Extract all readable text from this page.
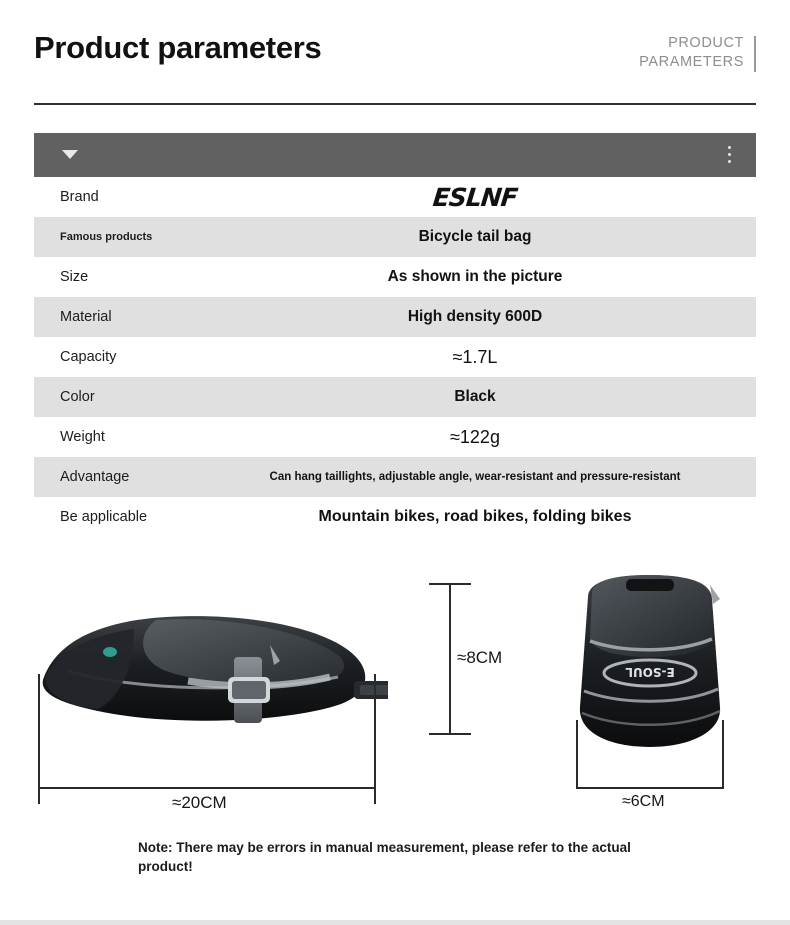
Product parameters	PRODUCT
PARAMETERS
Brand	ESLNF
Famous products	Bicycle tail bag
Size	As shown in the picture
Material	High density 600D
Capacity	≈1.7L
Color	Black
Weight	≈122g
Advantage	Can hang taillights, adjustable angle, wear-resistant and pressure-resistant
Be applicable	Mountain bikes, road bikes, folding bikes
E-SOUL
≈8CM
≈20CM	≈6CM
Note: There may be errors in manual measurement, please refer to the actual product!
